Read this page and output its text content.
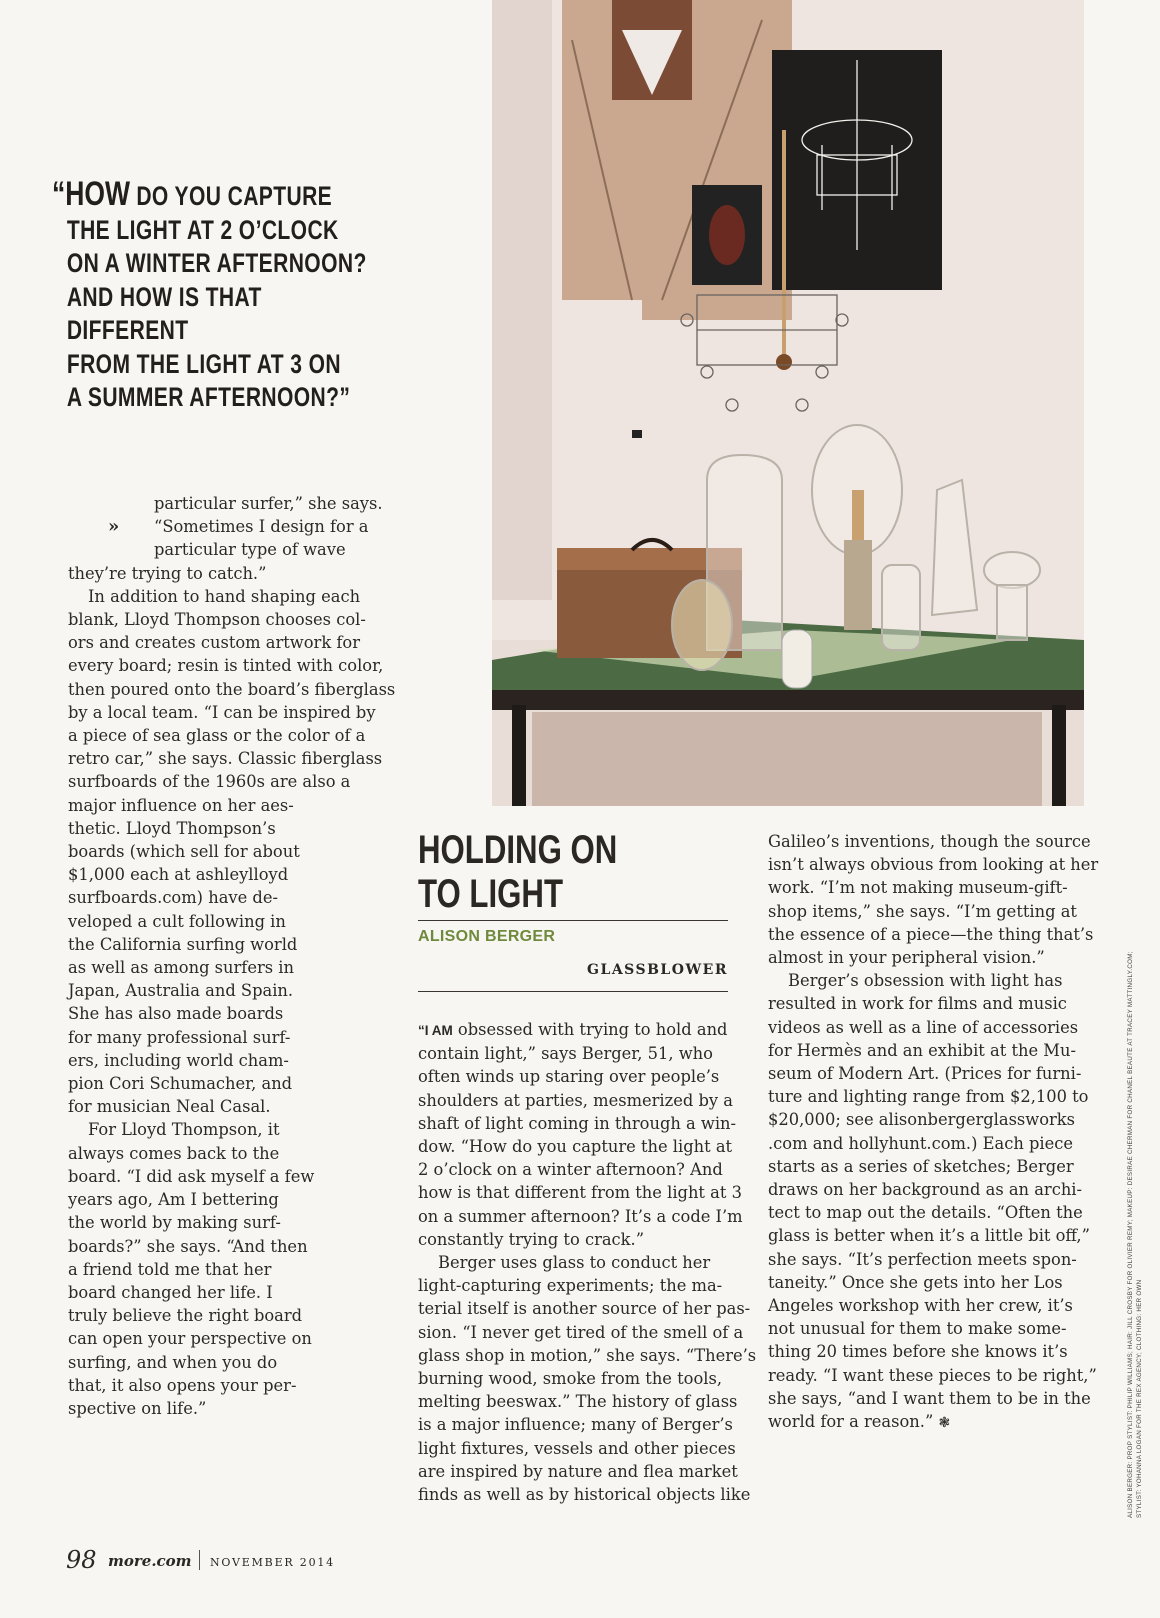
“HOW DO YOU CAPTURE
THE LIGHT AT 2 O’CLOCK
ON A WINTER AFTERNOON?
AND HOW IS THAT DIFFERENT
FROM THE LIGHT AT 3 ON
A SUMMER AFTERNOON?”
»
particular surfer,” she says.
“Sometimes I design for a
particular type of wave
they’re trying to catch.”
In addition to hand shaping each
blank, Lloyd Thompson chooses col-
ors and creates custom artwork for
every board; resin is tinted with color,
then poured onto the board’s fiberglass
by a local team. “I can be inspired by
a piece of sea glass or the color of a
retro car,” she says. Classic fiberglass
surfboards of the 1960s are also a
major influence on her aes-
thetic. Lloyd Thompson’s
boards (which sell for about
$1,000 each at ashleylloyd
surfboards.com) have de-
veloped a cult following in
the California surfing world
as well as among surfers in
Japan, Australia and Spain.
She has also made boards
for many professional surf-
ers, including world cham-
pion Cori Schumacher, and
for musician Neal Casal.
For Lloyd Thompson, it
always comes back to the
board. “I did ask myself a few
years ago, Am I bettering
the world by making surf-
boards?” she says. “And then
a friend told me that her
board changed her life. I
truly believe the right board
can open your perspective on
surfing, and when you do
that, it also opens your per-
spective on life.”
HOLDING ON
TO LIGHT
ALISON BERGER
GLASSBLOWER
“I AM obsessed with trying to hold and
contain light,” says Berger, 51, who
often winds up staring over people’s
shoulders at parties, mesmerized by a
shaft of light coming in through a win-
dow. “How do you capture the light at
2 o’clock on a winter afternoon? And
how is that different from the light at 3
on a summer afternoon? It’s a code I’m
constantly trying to crack.”
Berger uses glass to conduct her
light-capturing experiments; the ma-
terial itself is another source of her pas-
sion. “I never get tired of the smell of a
glass shop in motion,” she says. “There’s
burning wood, smoke from the tools,
melting beeswax.” The history of glass
is a major influence; many of Berger’s
light fixtures, vessels and other pieces
are inspired by nature and flea market
finds as well as by historical objects like
Galileo’s inventions, though the source
isn’t always obvious from looking at her
work. “I’m not making museum-gift-
shop items,” she says. “I’m getting at
the essence of a piece—the thing that’s
almost in your peripheral vision.”
Berger’s obsession with light has
resulted in work for films and music
videos as well as a line of accessories
for Hermès and an exhibit at the Mu-
seum of Modern Art. (Prices for furni-
ture and lighting range from $2,100 to
$20,000; see alisonbergerglassworks
.com and hollyhunt.com.) Each piece
starts as a series of sketches; Berger
draws on her background as an archi-
tect to map out the details. “Often the
glass is better when it’s a little bit off,”
she says. “It’s perfection meets spon-
taneity.” Once she gets into her Los
Angeles workshop with her crew, it’s
not unusual for them to make some-
thing 20 times before she knows it’s
ready. “I want these pieces to be right,”
she says, “and I want them to be in the
world for a reason.” ❃
98 more.com NOVEMBER 2014
ALISON BERGER: PROP STYLIST: PHILIP WILLIAMS; HAIR: JILL CROSBY FOR OLIVIER REMY; MAKEUP: DESIRAE CHERMAN FOR CHANEL BEAUTE AT TRACEY MATTINGLY.COM; STYLIST: YOHANNA LOGAN FOR THE REX AGENCY; CLOTHING: HER OWN
